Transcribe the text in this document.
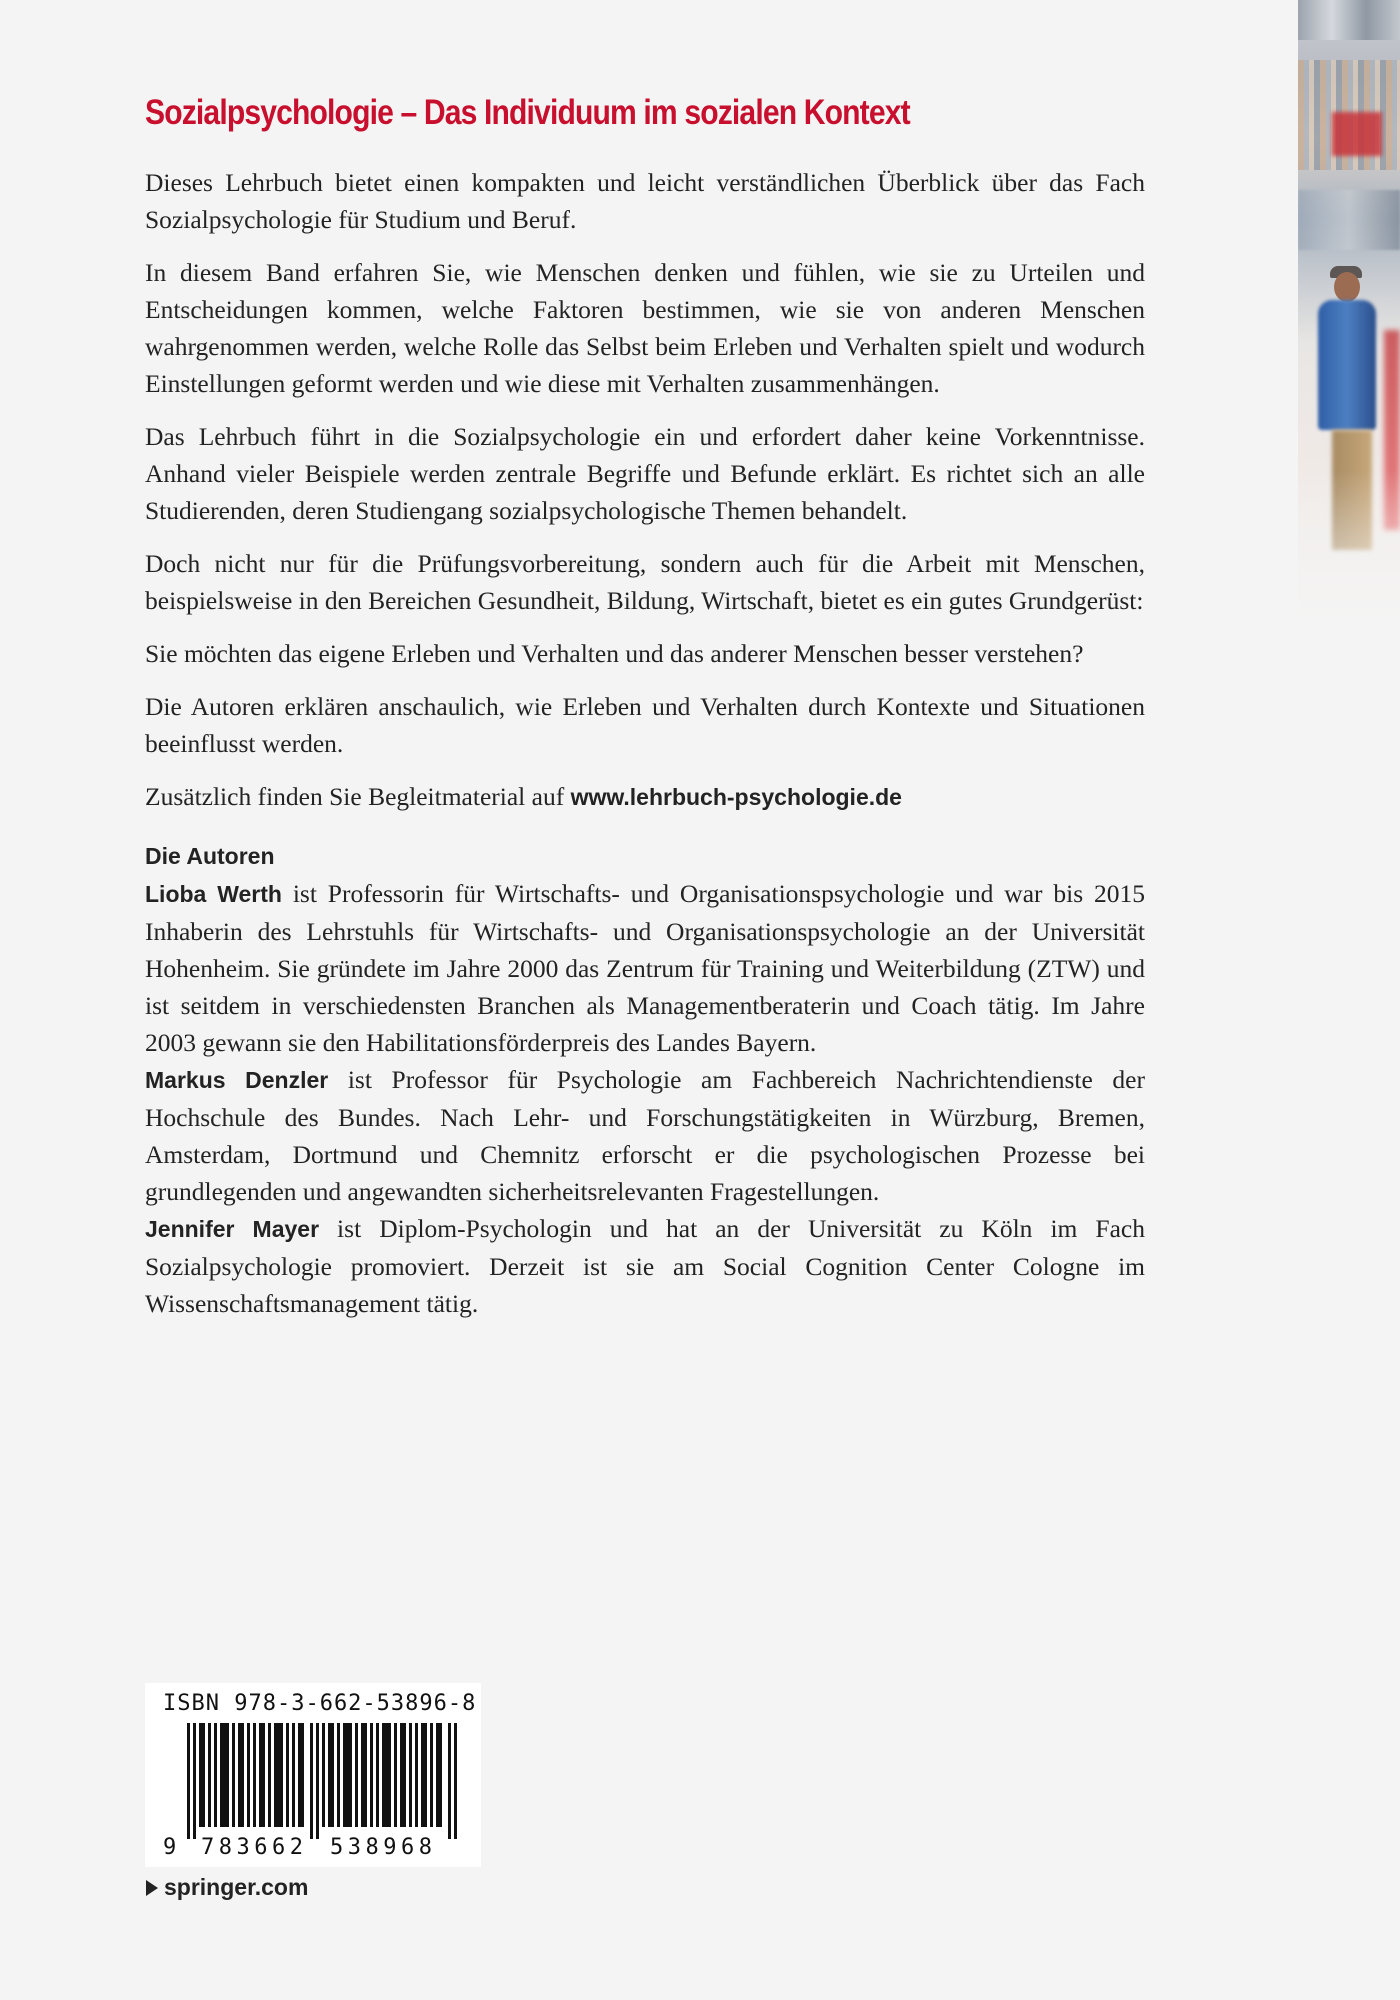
Sozialpsychologie – Das Individuum im sozialen Kontext

Dieses Lehrbuch bietet einen kompakten und leicht verständlichen Überblick über das Fach Sozialpsychologie für Studium und Beruf.

In diesem Band erfahren Sie, wie Menschen denken und fühlen, wie sie zu Urteilen und Entscheidungen kommen, welche Faktoren bestimmen, wie sie von anderen Menschen wahrgenommen werden, welche Rolle das Selbst beim Erleben und Verhalten spielt und wodurch Einstellungen geformt werden und wie diese mit Verhalten zusammenhängen.

Das Lehrbuch führt in die Sozialpsychologie ein und erfordert daher keine Vorkenntnisse. Anhand vieler Beispiele werden zentrale Begriffe und Befunde erklärt. Es richtet sich an alle Studierenden, deren Studiengang sozialpsychologische Themen behandelt.

Doch nicht nur für die Prüfungsvorbereitung, sondern auch für die Arbeit mit Menschen, beispielsweise in den Bereichen Gesundheit, Bildung, Wirtschaft, bietet es ein gutes Grundgerüst:

Sie möchten das eigene Erleben und Verhalten und das anderer Menschen besser verstehen?

Die Autoren erklären anschaulich, wie Erleben und Verhalten durch Kontexte und Situationen beeinflusst werden.

Zusätzlich finden Sie Begleitmaterial auf www.lehrbuch-psychologie.de

Die Autoren

Lioba Werth ist Professorin für Wirtschafts- und Organisationspsychologie und war bis 2015 Inhaberin des Lehrstuhls für Wirtschafts- und Organisationspsychologie an der Universität Hohenheim. Sie gründete im Jahre 2000 das Zentrum für Training und Weiterbildung (ZTW) und ist seitdem in verschiedensten Branchen als Managementberaterin und Coach tätig. Im Jahre 2003 gewann sie den Habilitationsförderpreis des Landes Bayern.

Markus Denzler ist Professor für Psychologie am Fachbereich Nachrichtendienste der Hochschule des Bundes. Nach Lehr- und Forschungstätigkeiten in Würzburg, Bremen, Amsterdam, Dortmund und Chemnitz erforscht er die psychologischen Prozesse bei grundlegenden und angewandten sicherheitsrelevanten Fragestellungen.

Jennifer Mayer ist Diplom-Psychologin und hat an der Universität zu Köln im Fach Sozialpsychologie promoviert. Derzeit ist sie am Social Cognition Center Cologne im Wissenschaftsmanagement tätig.

ISBN 978-3-662-53896-8
9 783662 538968
springer.com
